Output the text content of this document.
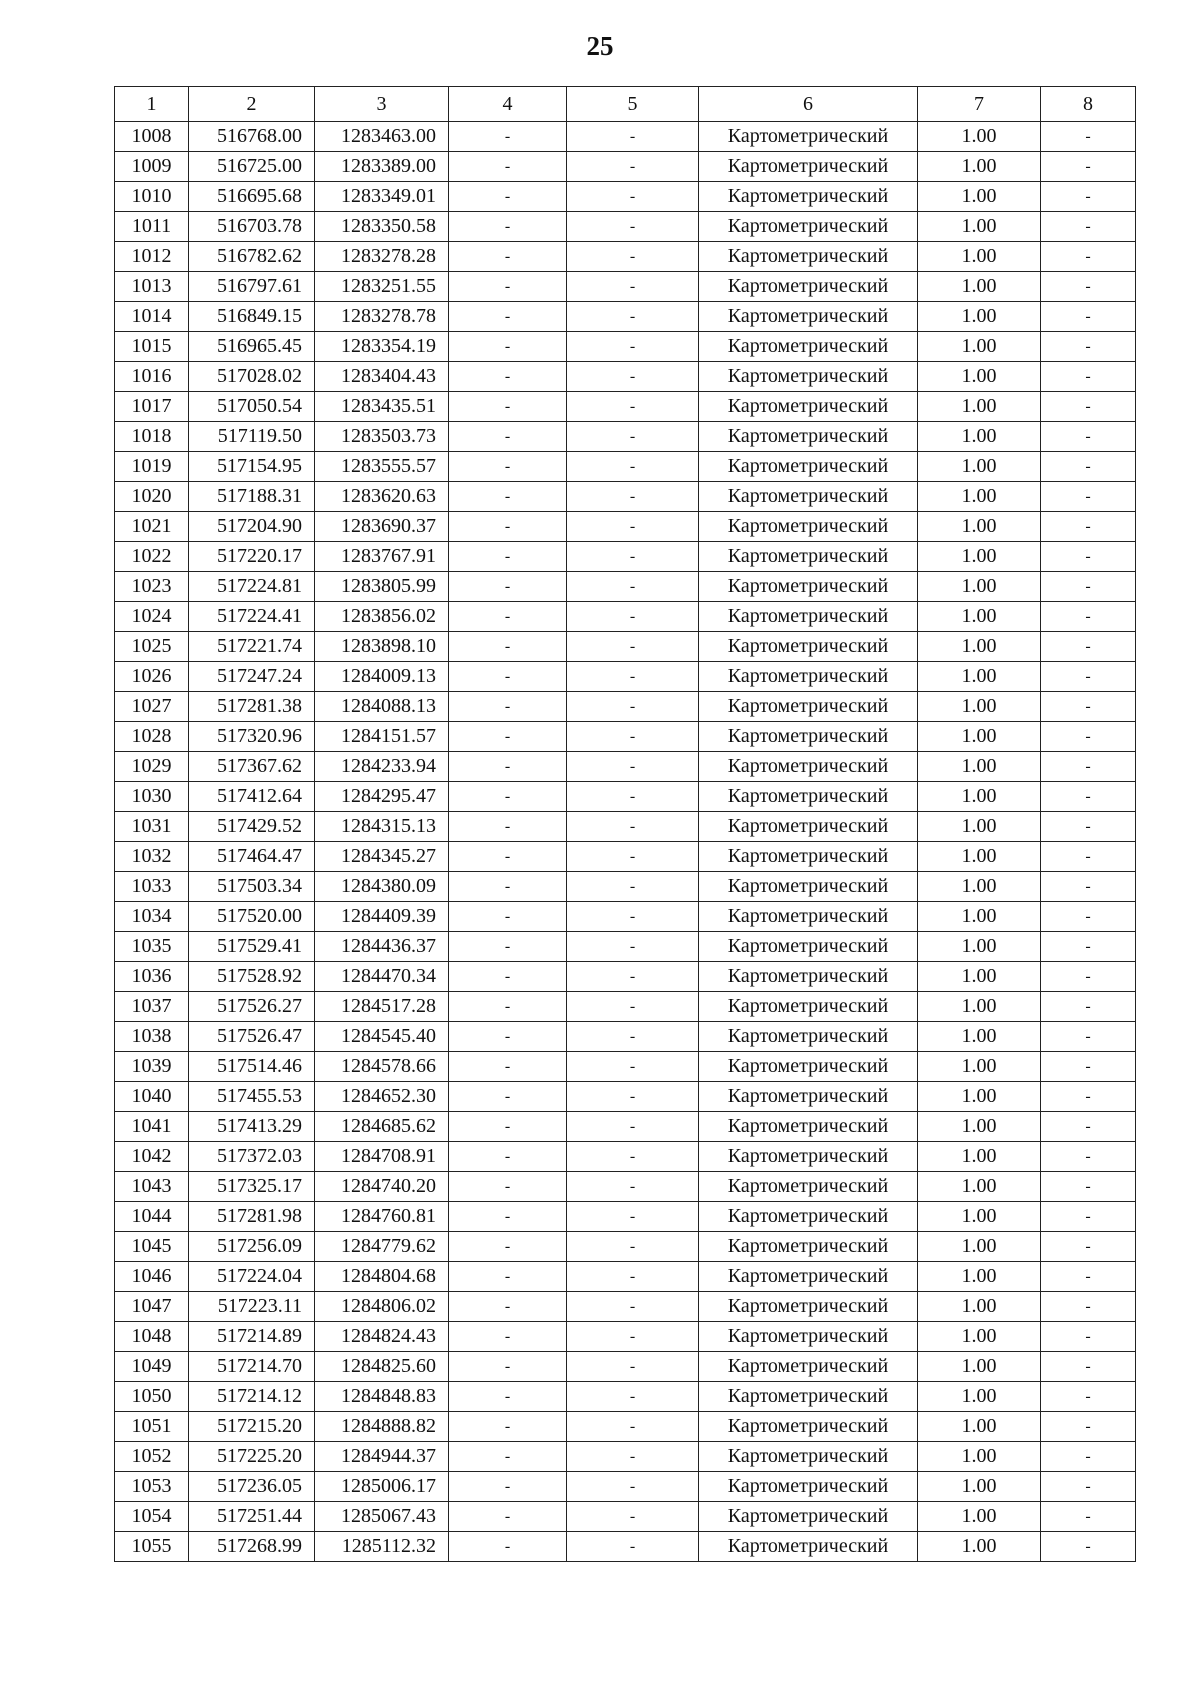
25
1	2	3	4	5	6	7	8
1008	516768.00	1283463.00	-	-	Картометрический	1.00	-
1009	516725.00	1283389.00	-	-	Картометрический	1.00	-
1010	516695.68	1283349.01	-	-	Картометрический	1.00	-
1011	516703.78	1283350.58	-	-	Картометрический	1.00	-
1012	516782.62	1283278.28	-	-	Картометрический	1.00	-
1013	516797.61	1283251.55	-	-	Картометрический	1.00	-
1014	516849.15	1283278.78	-	-	Картометрический	1.00	-
1015	516965.45	1283354.19	-	-	Картометрический	1.00	-
1016	517028.02	1283404.43	-	-	Картометрический	1.00	-
1017	517050.54	1283435.51	-	-	Картометрический	1.00	-
1018	517119.50	1283503.73	-	-	Картометрический	1.00	-
1019	517154.95	1283555.57	-	-	Картометрический	1.00	-
1020	517188.31	1283620.63	-	-	Картометрический	1.00	-
1021	517204.90	1283690.37	-	-	Картометрический	1.00	-
1022	517220.17	1283767.91	-	-	Картометрический	1.00	-
1023	517224.81	1283805.99	-	-	Картометрический	1.00	-
1024	517224.41	1283856.02	-	-	Картометрический	1.00	-
1025	517221.74	1283898.10	-	-	Картометрический	1.00	-
1026	517247.24	1284009.13	-	-	Картометрический	1.00	-
1027	517281.38	1284088.13	-	-	Картометрический	1.00	-
1028	517320.96	1284151.57	-	-	Картометрический	1.00	-
1029	517367.62	1284233.94	-	-	Картометрический	1.00	-
1030	517412.64	1284295.47	-	-	Картометрический	1.00	-
1031	517429.52	1284315.13	-	-	Картометрический	1.00	-
1032	517464.47	1284345.27	-	-	Картометрический	1.00	-
1033	517503.34	1284380.09	-	-	Картометрический	1.00	-
1034	517520.00	1284409.39	-	-	Картометрический	1.00	-
1035	517529.41	1284436.37	-	-	Картометрический	1.00	-
1036	517528.92	1284470.34	-	-	Картометрический	1.00	-
1037	517526.27	1284517.28	-	-	Картометрический	1.00	-
1038	517526.47	1284545.40	-	-	Картометрический	1.00	-
1039	517514.46	1284578.66	-	-	Картометрический	1.00	-
1040	517455.53	1284652.30	-	-	Картометрический	1.00	-
1041	517413.29	1284685.62	-	-	Картометрический	1.00	-
1042	517372.03	1284708.91	-	-	Картометрический	1.00	-
1043	517325.17	1284740.20	-	-	Картометрический	1.00	-
1044	517281.98	1284760.81	-	-	Картометрический	1.00	-
1045	517256.09	1284779.62	-	-	Картометрический	1.00	-
1046	517224.04	1284804.68	-	-	Картометрический	1.00	-
1047	517223.11	1284806.02	-	-	Картометрический	1.00	-
1048	517214.89	1284824.43	-	-	Картометрический	1.00	-
1049	517214.70	1284825.60	-	-	Картометрический	1.00	-
1050	517214.12	1284848.83	-	-	Картометрический	1.00	-
1051	517215.20	1284888.82	-	-	Картометрический	1.00	-
1052	517225.20	1284944.37	-	-	Картометрический	1.00	-
1053	517236.05	1285006.17	-	-	Картометрический	1.00	-
1054	517251.44	1285067.43	-	-	Картометрический	1.00	-
1055	517268.99	1285112.32	-	-	Картометрический	1.00	-
